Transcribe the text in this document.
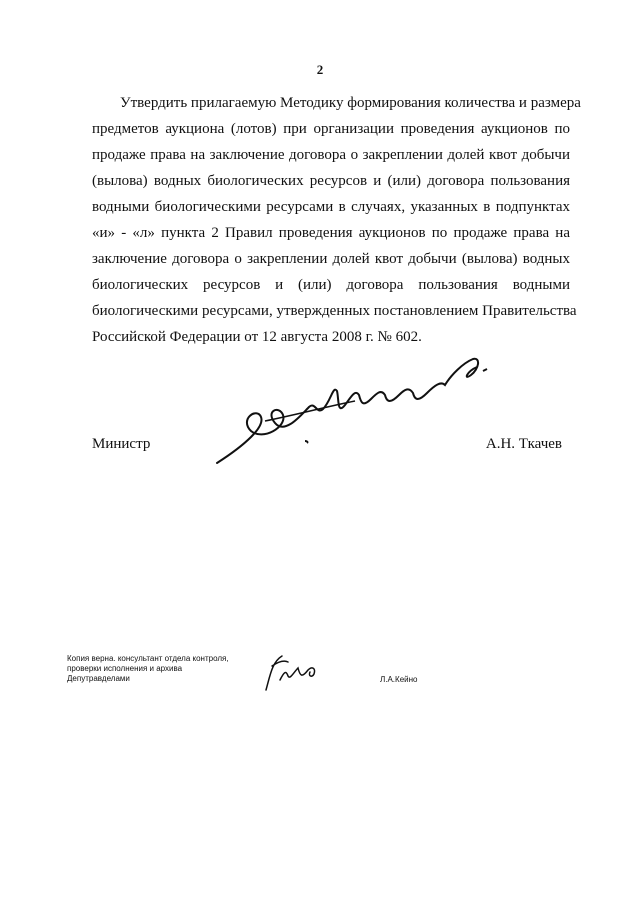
2
Утвердить прилагаемую Методику формирования количества и размера
предметов аукциона (лотов) при организации проведения аукционов по
продаже права на заключение договора о закреплении долей квот добычи
(вылова) водных биологических ресурсов и (или) договора пользования
водными биологическими ресурсами в случаях, указанных в подпунктах
«и» - «л» пункта 2 Правил проведения аукционов по продаже права на
заключение договора о закреплении долей квот добычи (вылова) водных
биологических ресурсов и (или) договора пользования водными
биологическими ресурсами, утвержденных постановлением Правительства
Российской Федерации от 12 августа 2008 г. № 602.
Министр	А.Н. Ткачев
Копия верна. консультант отдела контроля,
проверки исполнения и архива
Депутравделами	Л.А.Кейно
